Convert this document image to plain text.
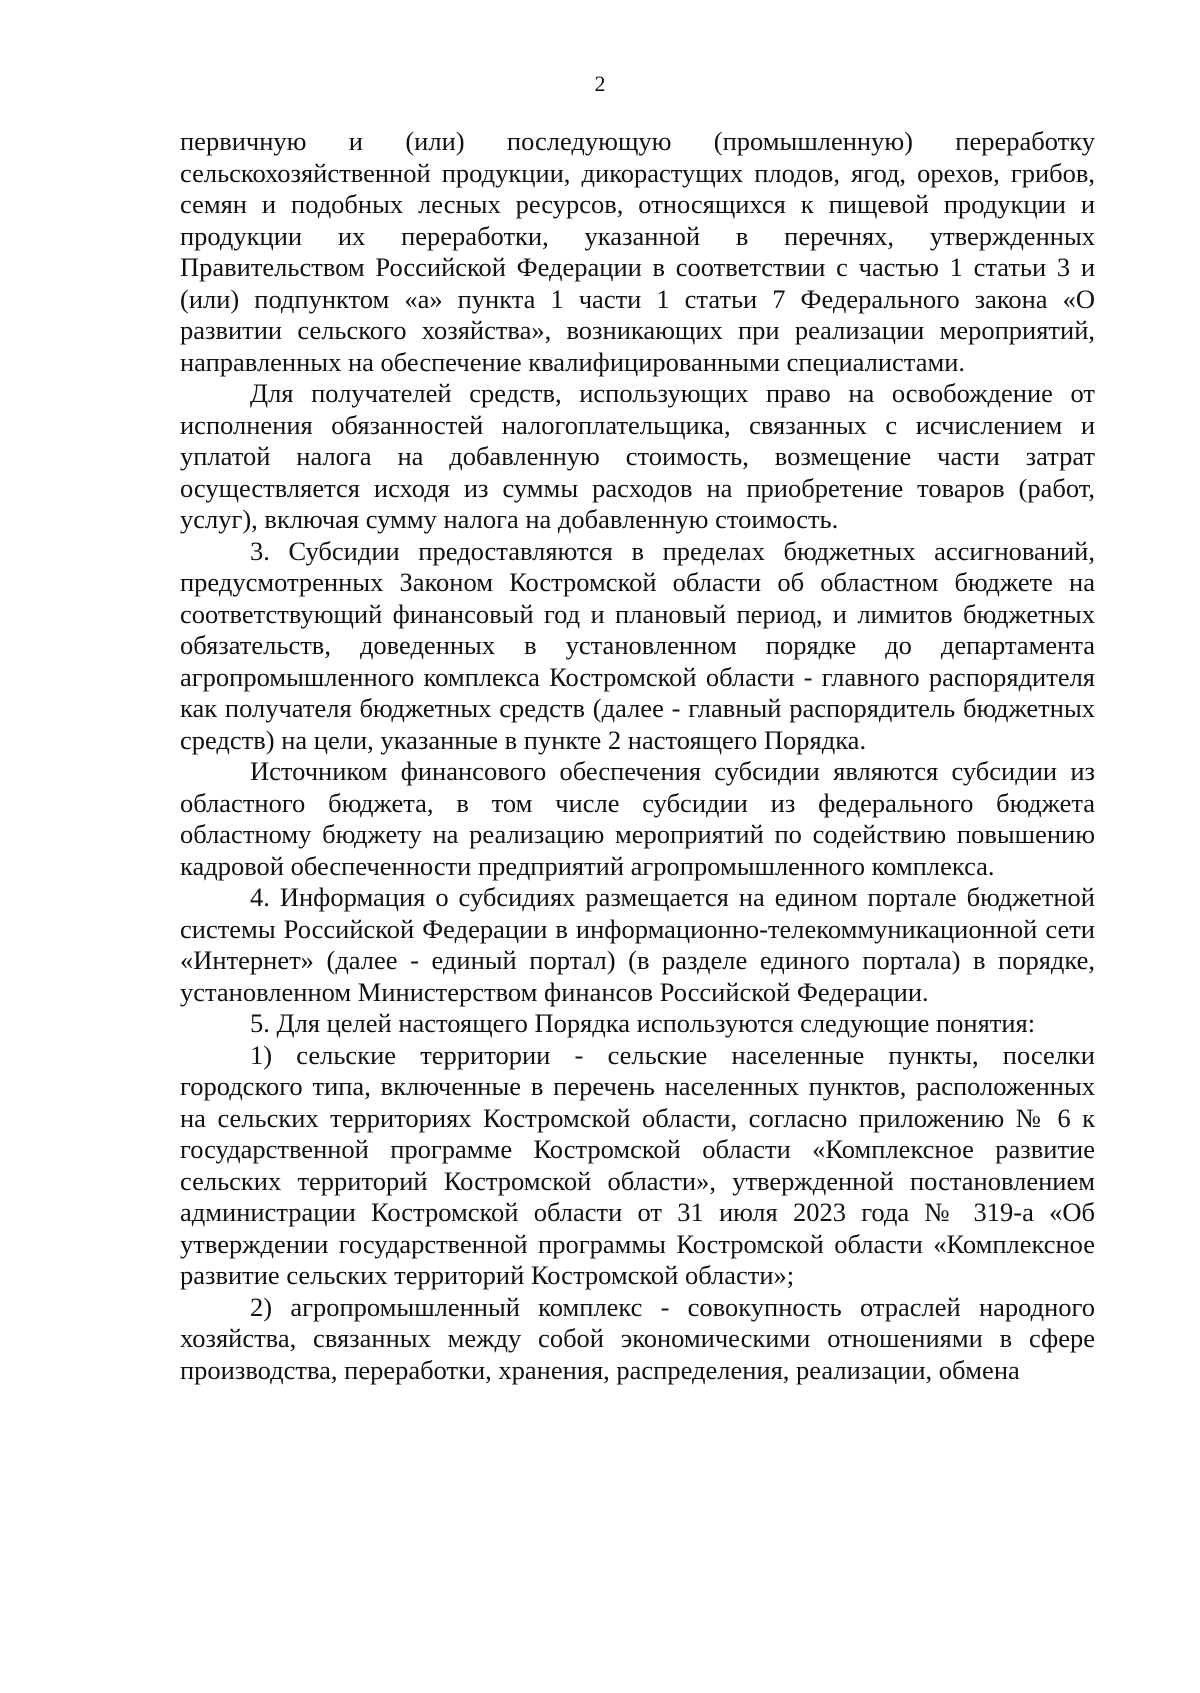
2

первичную и (или) последующую (промышленную) переработку сельскохозяйственной продукции, дикорастущих плодов, ягод, орехов, грибов, семян и подобных лесных ресурсов, относящихся к пищевой продукции и продукции их переработки, указанной в перечнях, утвержденных Правительством Российской Федерации в соответствии с частью 1 статьи 3 и (или) подпунктом «а» пункта 1 части 1 статьи 7 Федерального закона «О развитии сельского хозяйства», возникающих при реализации мероприятий, направленных на обеспечение квалифицированными специалистами.

Для получателей средств, использующих право на освобождение от исполнения обязанностей налогоплательщика, связанных с исчислением и уплатой налога на добавленную стоимость, возмещение части затрат осуществляется исходя из суммы расходов на приобретение товаров (работ, услуг), включая сумму налога на добавленную стоимость.

3. Субсидии предоставляются в пределах бюджетных ассигнований, предусмотренных Законом Костромской области об областном бюджете на соответствующий финансовый год и плановый период, и лимитов бюджетных обязательств, доведенных в установленном порядке до департамента агропромышленного комплекса Костромской области - главного распорядителя как получателя бюджетных средств (далее - главный распорядитель бюджетных средств) на цели, указанные в пункте 2 настоящего Порядка.

Источником финансового обеспечения субсидии являются субсидии из областного бюджета, в том числе субсидии из федерального бюджета областному бюджету на реализацию мероприятий по содействию повышению кадровой обеспеченности предприятий агропромышленного комплекса.

4. Информация о субсидиях размещается на едином портале бюджетной системы Российской Федерации в информационно-телекоммуникационной сети «Интернет» (далее - единый портал) (в разделе единого портала) в порядке, установленном Министерством финансов Российской Федерации.

5. Для целей настоящего Порядка используются следующие понятия:

1) сельские территории - сельские населенные пункты, поселки городского типа, включенные в перечень населенных пунктов, расположенных на сельских территориях Костромской области, согласно приложению № 6 к государственной программе Костромской области «Комплексное развитие сельских территорий Костромской области», утвержденной постановлением администрации Костромской области от 31 июля 2023 года № 319-а «Об утверждении государственной программы Костромской области «Комплексное развитие сельских территорий Костромской области»;

2) агропромышленный комплекс - совокупность отраслей народного хозяйства, связанных между собой экономическими отношениями в сфере производства, переработки, хранения, распределения, реализации, обмена
